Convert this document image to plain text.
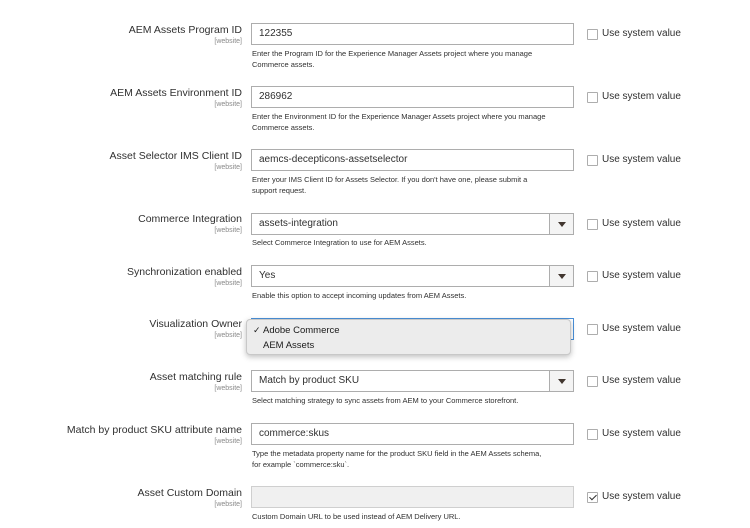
AEM Assets Program ID
[website]
122355
Enter the Program ID for the Experience Manager Assets project where you manage
Commerce assets.
Use system value
AEM Assets Environment ID
[website]
286962
Enter the Environment ID for the Experience Manager Assets project where you manage
Commerce assets.
Use system value
Asset Selector IMS Client ID
[website]
aemcs-decepticons-assetselector
Enter your IMS Client ID for Assets Selector. If you don't have one, please submit a
support request.
Use system value
Commerce Integration
[website]
assets-integration
Select Commerce Integration to use for AEM Assets.
Use system value
Synchronization enabled
[website]
Yes
Enable this option to accept incoming updates from AEM Assets.
Use system value
Visualization Owner
[website]
✓ Adobe Commerce
AEM Assets
Use system value
Asset matching rule
[website]
Match by product SKU
Select matching strategy to sync assets from AEM to your Commerce storefront.
Use system value
Match by product SKU attribute name
[website]
commerce:skus
Type the metadata property name for the product SKU field in the AEM Assets schema,
for example `commerce:sku`.
Use system value
Asset Custom Domain
[website]
Custom Domain URL to be used instead of AEM Delivery URL.
Use system value
